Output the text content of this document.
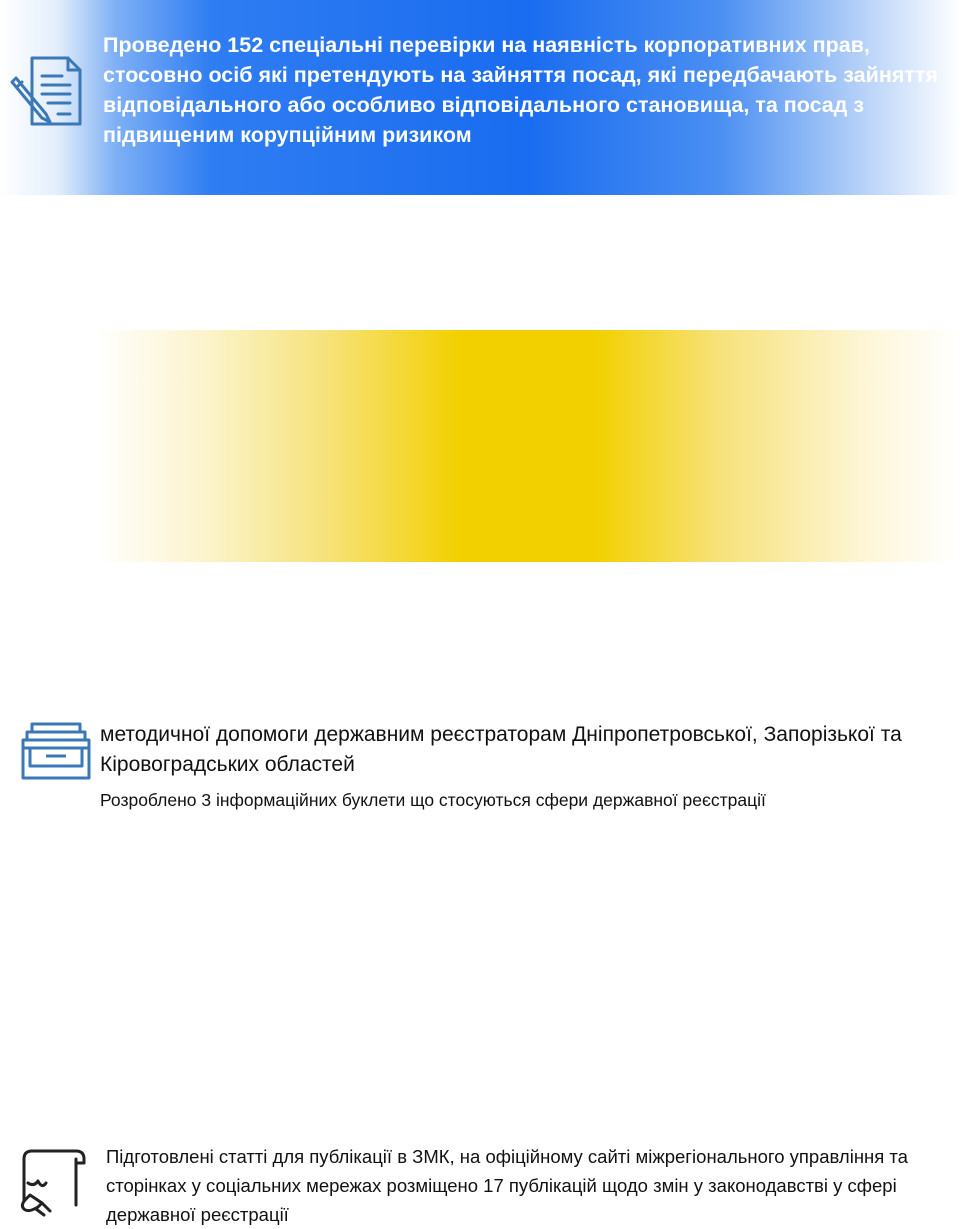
Проведено 152 спеціальні перевірки на наявність корпоративних прав, стосовно осіб які претендують на зайняття посад, які передбачають зайняття відповідального або особливо відповідального становища, та посад з підвищеним корупційним ризиком

методичної допомоги державним реєстраторам Дніпропетровської, Запорізької та Кіровоградських областей

Розроблено 3 інформаційних буклети що стосуються сфери державної реєстрації

Підготовлені статті для публікації в ЗМК, на офіційному сайті міжрегіонального управління та сторінках у соціальних мережах розміщено 17 публікацій щодо змін у законодавстві у сфері державної реєстрації
